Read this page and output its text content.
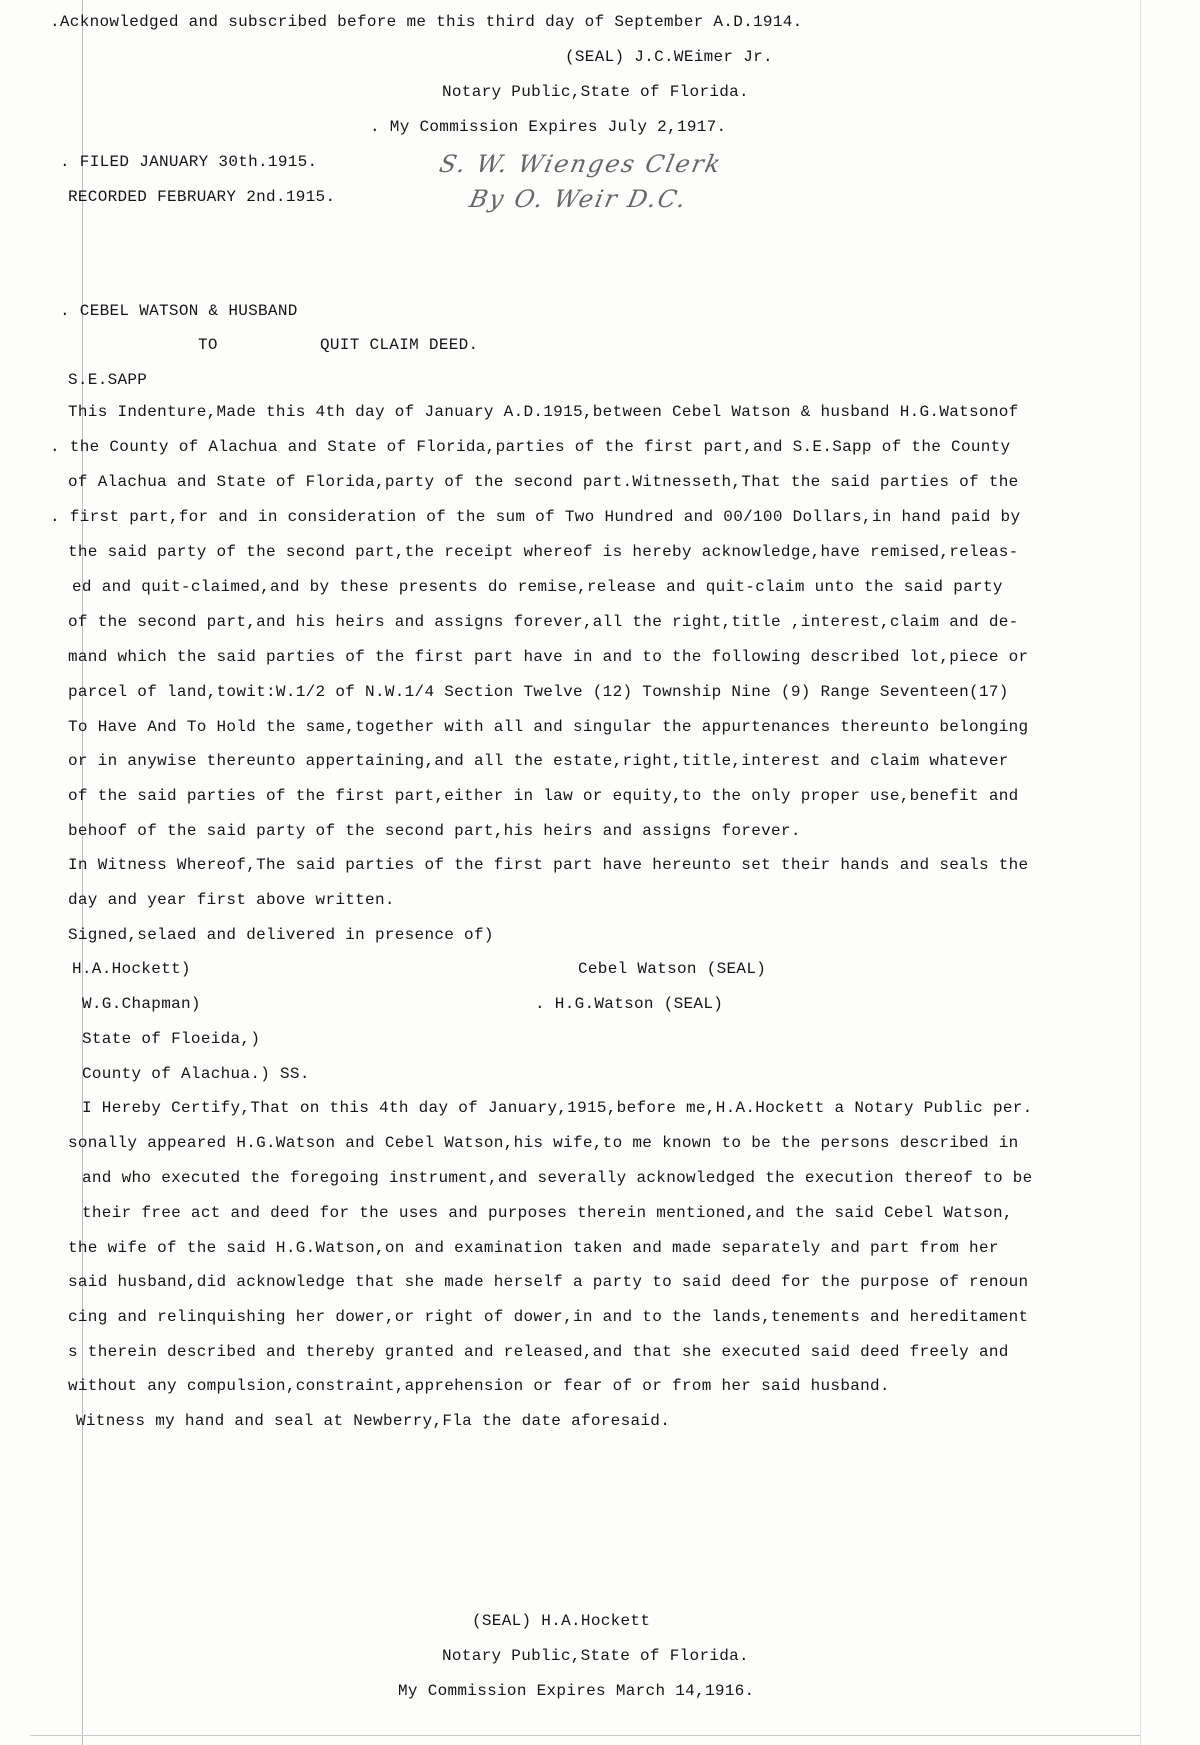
.Acknowledged and subscribed before me this third day of September A.D.1914.
(SEAL) J.C.WEimer Jr.
Notary Public,State of Florida.
. My Commission Expires July 2,1917.
. FILED JANUARY 30th.1915.
RECORDED FEBRUARY 2nd.1915.
S. W. Wienges Clerk
By O. Weir D.C.
. CEBEL WATSON & HUSBAND
TO	QUIT CLAIM DEED.
S.E.SAPP
This Indenture,Made this 4th day of January A.D.1915,between Cebel Watson & husband H.G.Watsonof
. the County of Alachua and State of Florida,parties of the first part,and S.E.Sapp of the County
of Alachua and State of Florida,party of the second part.Witnesseth,That the said parties of the
. first part,for and in consideration of the sum of Two Hundred and 00/100 Dollars,in hand paid by
the said party of the second part,the receipt whereof is hereby acknowledge,have remised,releas-
ed and quit-claimed,and by these presents do remise,release and quit-claim unto the said party
of the second part,and his heirs and assigns forever,all the right,title ,interest,claim and de-
mand which the said parties of the first part have in and to the following described lot,piece or
parcel of land,towit:W.1/2 of N.W.1/4 Section Twelve (12) Township Nine (9) Range Seventeen(17)
To Have And To Hold the same,together with all and singular the appurtenances thereunto belonging
or in anywise thereunto appertaining,and all the estate,right,title,interest and claim whatever
of the said parties of the first part,either in law or equity,to the only proper use,benefit and
behoof of the said party of the second part,his heirs and assigns forever.
In Witness Whereof,The said parties of the first part have hereunto set their hands and seals the
day and year first above written.
Signed,selaed and delivered in presence of)
H.A.Hockett)
W.G.Chapman)
State of Floeida,)
County of Alachua.) SS.
I Hereby Certify,That on this 4th day of January,1915,before me,H.A.Hockett a Notary Public per.
sonally appeared H.G.Watson and Cebel Watson,his wife,to me known to be the persons described in
and who executed the foregoing instrument,and severally acknowledged the execution thereof to be
their free act and deed for the uses and purposes therein mentioned,and the said Cebel Watson,
the wife of the said H.G.Watson,on and examination taken and made separately and part from her
said husband,did acknowledge that she made herself a party to said deed for the purpose of renoun
cing and relinquishing her dower,or right of dower,in and to the lands,tenements and hereditament
s therein described and thereby granted and released,and that she executed said deed freely and
without any compulsion,constraint,apprehension or fear of or from her said husband.
Witness my hand and seal at Newberry,Fla the date aforesaid.
Cebel Watson (SEAL)
. H.G.Watson (SEAL)
(SEAL) H.A.Hockett
Notary Public,State of Florida.
My Commission Expires March 14,1916.
